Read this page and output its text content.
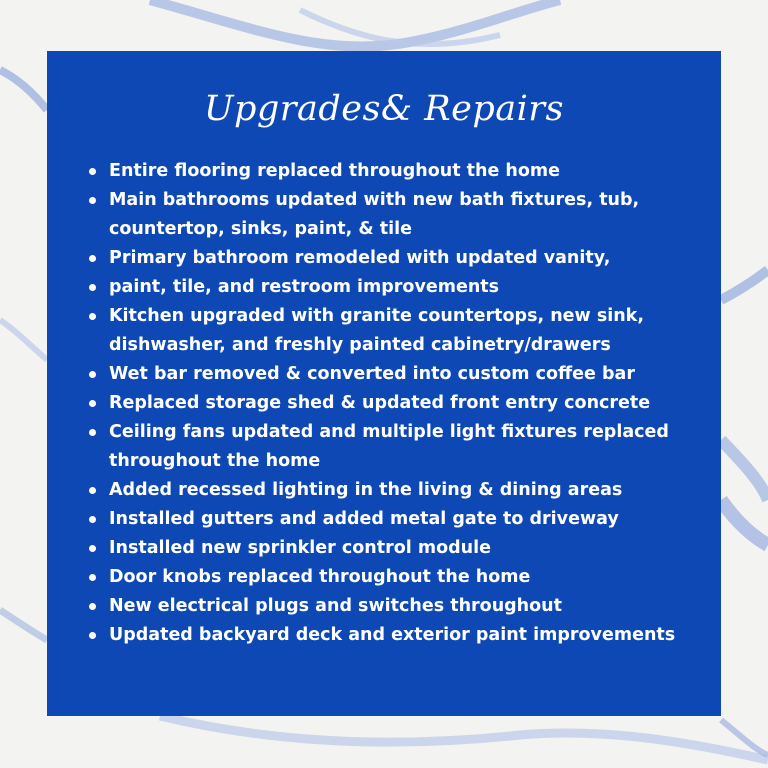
Upgrades& Repairs
Entire flooring replaced throughout the home
Main bathrooms updated with new bath fixtures, tub, countertop, sinks, paint, & tile
Primary bathroom remodeled with updated vanity,
paint, tile, and restroom improvements
Kitchen upgraded with granite countertops, new sink, dishwasher, and freshly painted cabinetry/drawers
Wet bar removed & converted into custom coffee bar
Replaced storage shed & updated front entry concrete
Ceiling fans updated and multiple light fixtures replaced throughout the home
Added recessed lighting in the living & dining areas
Installed gutters and added metal gate to driveway
Installed new sprinkler control module
Door knobs replaced throughout the home
New electrical plugs and switches throughout
Updated backyard deck and exterior paint improvements
